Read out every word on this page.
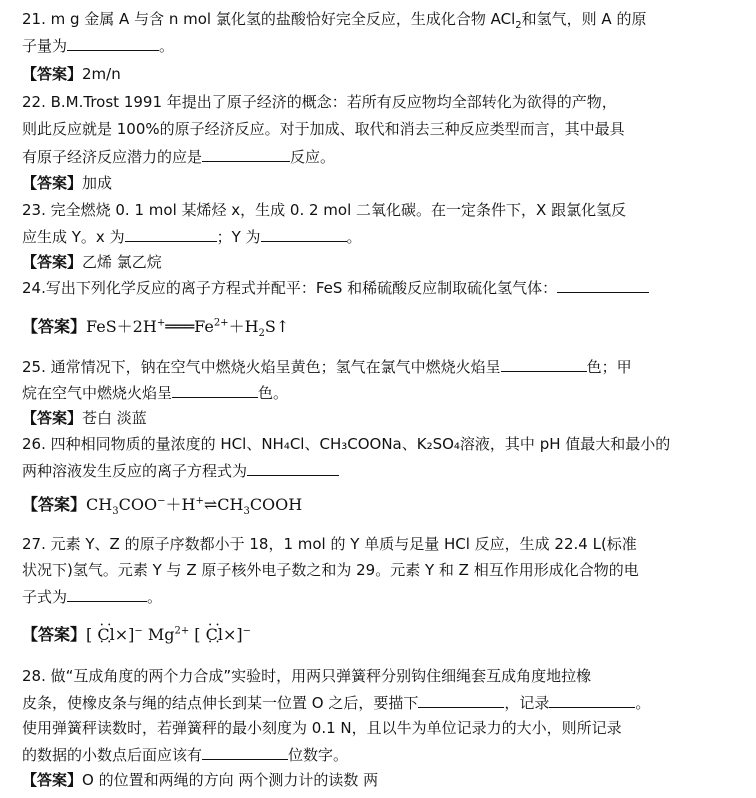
21. m g 金属 A 与含 n mol 氯化氢的盐酸恰好完全反应，生成化合物 ACl$_2$和氢气，则 A 的原
子量为	。
【答案】2m/n
22. B.M.Trost 1991 年提出了原子经济的概念：若所有反应物均全部转化为欲得的产物，
则此反应就是 100%的原子经济反应。对于加成、取代和消去三种反应类型而言，其中最具
有原子经济反应潜力的应是	反应。
【答案】加成
23. 完全燃烧 0. 1 mol 某烯烃 x，生成 0. 2 mol 二氧化碳。在一定条件下，X 跟氯化氢反
应生成 Y。x 为	；Y 为	。
【答案】乙烯 氯乙烷
24.写出下列化学反应的离子方程式并配平：FeS 和稀硫酸反应制取硫化氢气体：
【答案】$FeS+2H^+═══Fe^{2+}+H_2S↑$
25. 通常情况下，钠在空气中燃烧火焰呈黄色；氢气在氯气中燃烧火焰呈	色；甲
烷在空气中燃烧火焰呈	色。
【答案】苍白 淡蓝
26. 四种相同物质的量浓度的 HCl、NH₄Cl、CH₃COONa、K₂SO₄溶液，其中 pH 值最大和最小的
两种溶液发生反应的离子方程式为
【答案】$CH_3COO^-+H^+\rightleftharpoons CH_3COOH$
27. 元素 Y、Z 的原子序数都小于 18，1 mol 的 Y 单质与足量 HCl 反应，生成 22.4 L(标准
状况下)氢气。元素 Y 与 Z 原子核外电子数之和为 29。元素 Y 和 Z 相互作用形成化合物的电
子式为	。
【答案】[ • • Cl • •×]− $Mg^{2+}$ [ • • Cl • •×]−
28. 做“互成角度的两个力合成”实验时，用两只弹簧秤分别钩住细绳套互成角度地拉橡
皮条，使橡皮条与绳的结点伸长到某一位置 O 之后，要描下	，记录	。
使用弹簧秤读数时，若弹簧秤的最小刻度为 0.1 N，且以牛为单位记录力的大小，则所记录
的数据的小数点后面应该有	位数字。
【答案】O 的位置和两绳的方向 两个测力计的读数 两
